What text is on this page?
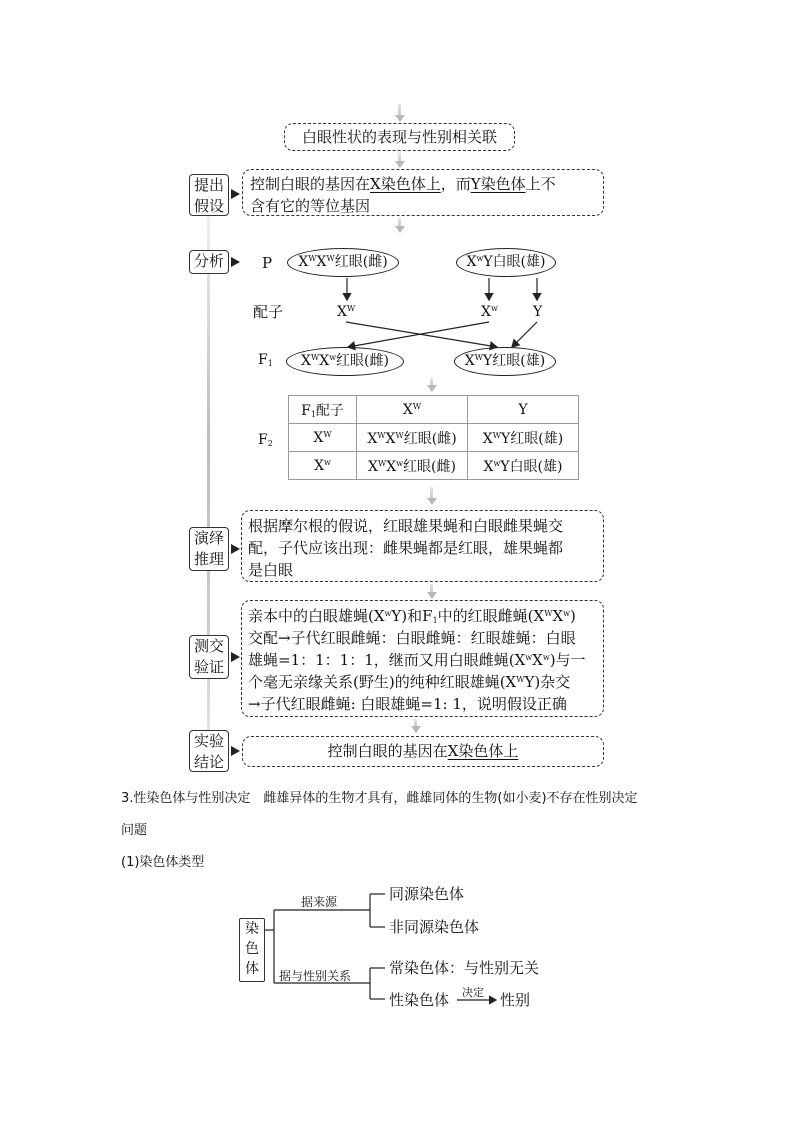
白眼性状的表现与性别相关联
提出
假设
控制白眼的基因在X染色体上，而Y染色体上不
含有它的等位基因
分析	P	$X^WX^W$红眼(雌)	$X^wY$白眼(雄)
配子	$X^W$	$X^w$	Y
$F_1$	$X^WX^w$红眼(雌)	$X^WY$红眼(雄)
$F_2$
$F_1$配子	$X^W$	Y
$X^W$	$X^WX^W$红眼(雌)	$X^WY$红眼(雄)
$X^w$	$X^WX^w$红眼(雌)	$X^wY$白眼(雄)
演绎
推理
根据摩尔根的假说，红眼雄果蝇和白眼雌果蝇交
配，子代应该出现：雌果蝇都是红眼，雄果蝇都
是白眼
测交
验证
亲本中的白眼雄蝇$(X^wY)$和$F_1$中的红眼雌蝇$(X^WX^w)$
交配→子代红眼雌蝇：白眼雌蝇：红眼雄蝇：白眼
雄蝇=1：1：1：1，继而又用白眼雌蝇$(X^wX^w)$与一
个毫无亲缘关系(野生)的纯种红眼雄蝇$(X^WY)$杂交
→子代红眼雌蝇: 白眼雄蝇=1: 1，说明假设正确
实验
结论
控制白眼的基因在X染色体上
3.性染色体与性别决定　雌雄异体的生物才具有，雌雄同体的生物(如小麦)不存在性别决定
问题
(1)染色体类型
染
色
体
据来源	同源染色体
非同源染色体
据与性别关系	常染色体：与性别无关
性染色体 决定 性别
